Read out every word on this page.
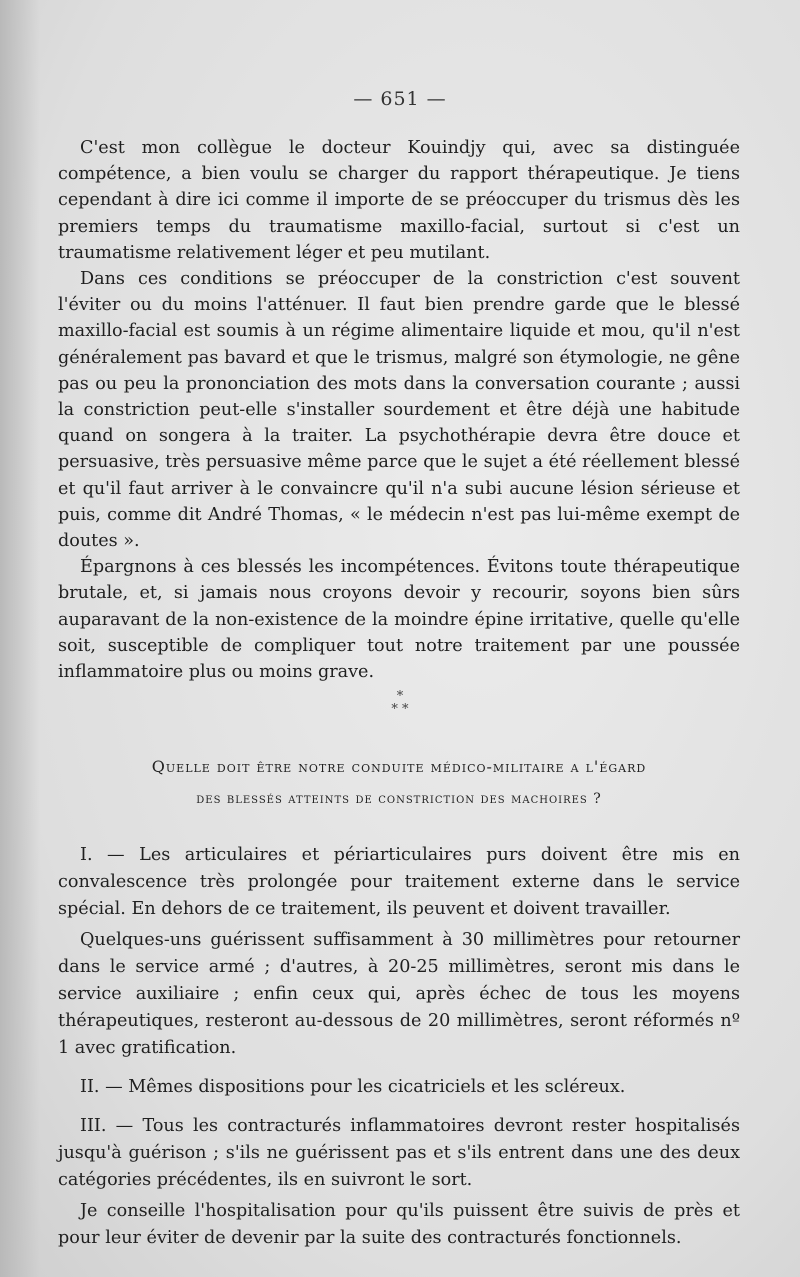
— 651 —

C'est mon collègue le docteur Kouindjy qui, avec sa distinguée compétence, a bien voulu se charger du rapport thérapeutique. Je tiens cependant à dire ici comme il importe de se préoccuper du trismus dès les premiers temps du traumatisme maxillo-facial, surtout si c'est un traumatisme relativement léger et peu mutilant.

Dans ces conditions se préoccuper de la constriction c'est souvent l'éviter ou du moins l'atténuer. Il faut bien prendre garde que le blessé maxillo-facial est soumis à un régime alimentaire liquide et mou, qu'il n'est généralement pas bavard et que le trismus, malgré son étymologie, ne gêne pas ou peu la prononciation des mots dans la conversation courante ; aussi la constriction peut-elle s'installer sourdement et être déjà une habitude quand on songera à la traiter. La psychothérapie devra être douce et persuasive, très persuasive même parce que le sujet a été réellement blessé et qu'il faut arriver à le convaincre qu'il n'a subi aucune lésion sérieuse et puis, comme dit André Thomas, « le médecin n'est pas lui-même exempt de doutes ».

Épargnons à ces blessés les incompétences. Évitons toute thérapeutique brutale, et, si jamais nous croyons devoir y recourir, soyons bien sûrs auparavant de la non-existence de la moindre épine irritative, quelle qu'elle soit, susceptible de compliquer tout notre traitement par une poussée inflammatoire plus ou moins grave.

*
* *
Quelle doit être notre conduite médico-militaire a l'égard
des blessés atteints de constriction des machoires ?

I. — Les articulaires et périarticulaires purs doivent être mis en convalescence très prolongée pour traitement externe dans le service spécial. En dehors de ce traitement, ils peuvent et doivent travailler.

Quelques-uns guérissent suffisamment à 30 millimètres pour retourner dans le service armé ; d'autres, à 20-25 millimètres, seront mis dans le service auxiliaire ; enfin ceux qui, après échec de tous les moyens thérapeutiques, resteront au-dessous de 20 millimètres, seront réformés nº 1 avec gratification.

II. — Mêmes dispositions pour les cicatriciels et les scléreux.

III. — Tous les contracturés inflammatoires devront rester hospitalisés jusqu'à guérison ; s'ils ne guérissent pas et s'ils entrent dans une des deux catégories précédentes, ils en suivront le sort.

Je conseille l'hospitalisation pour qu'ils puissent être suivis de près et pour leur éviter de devenir par la suite des contracturés fonctionnels.
